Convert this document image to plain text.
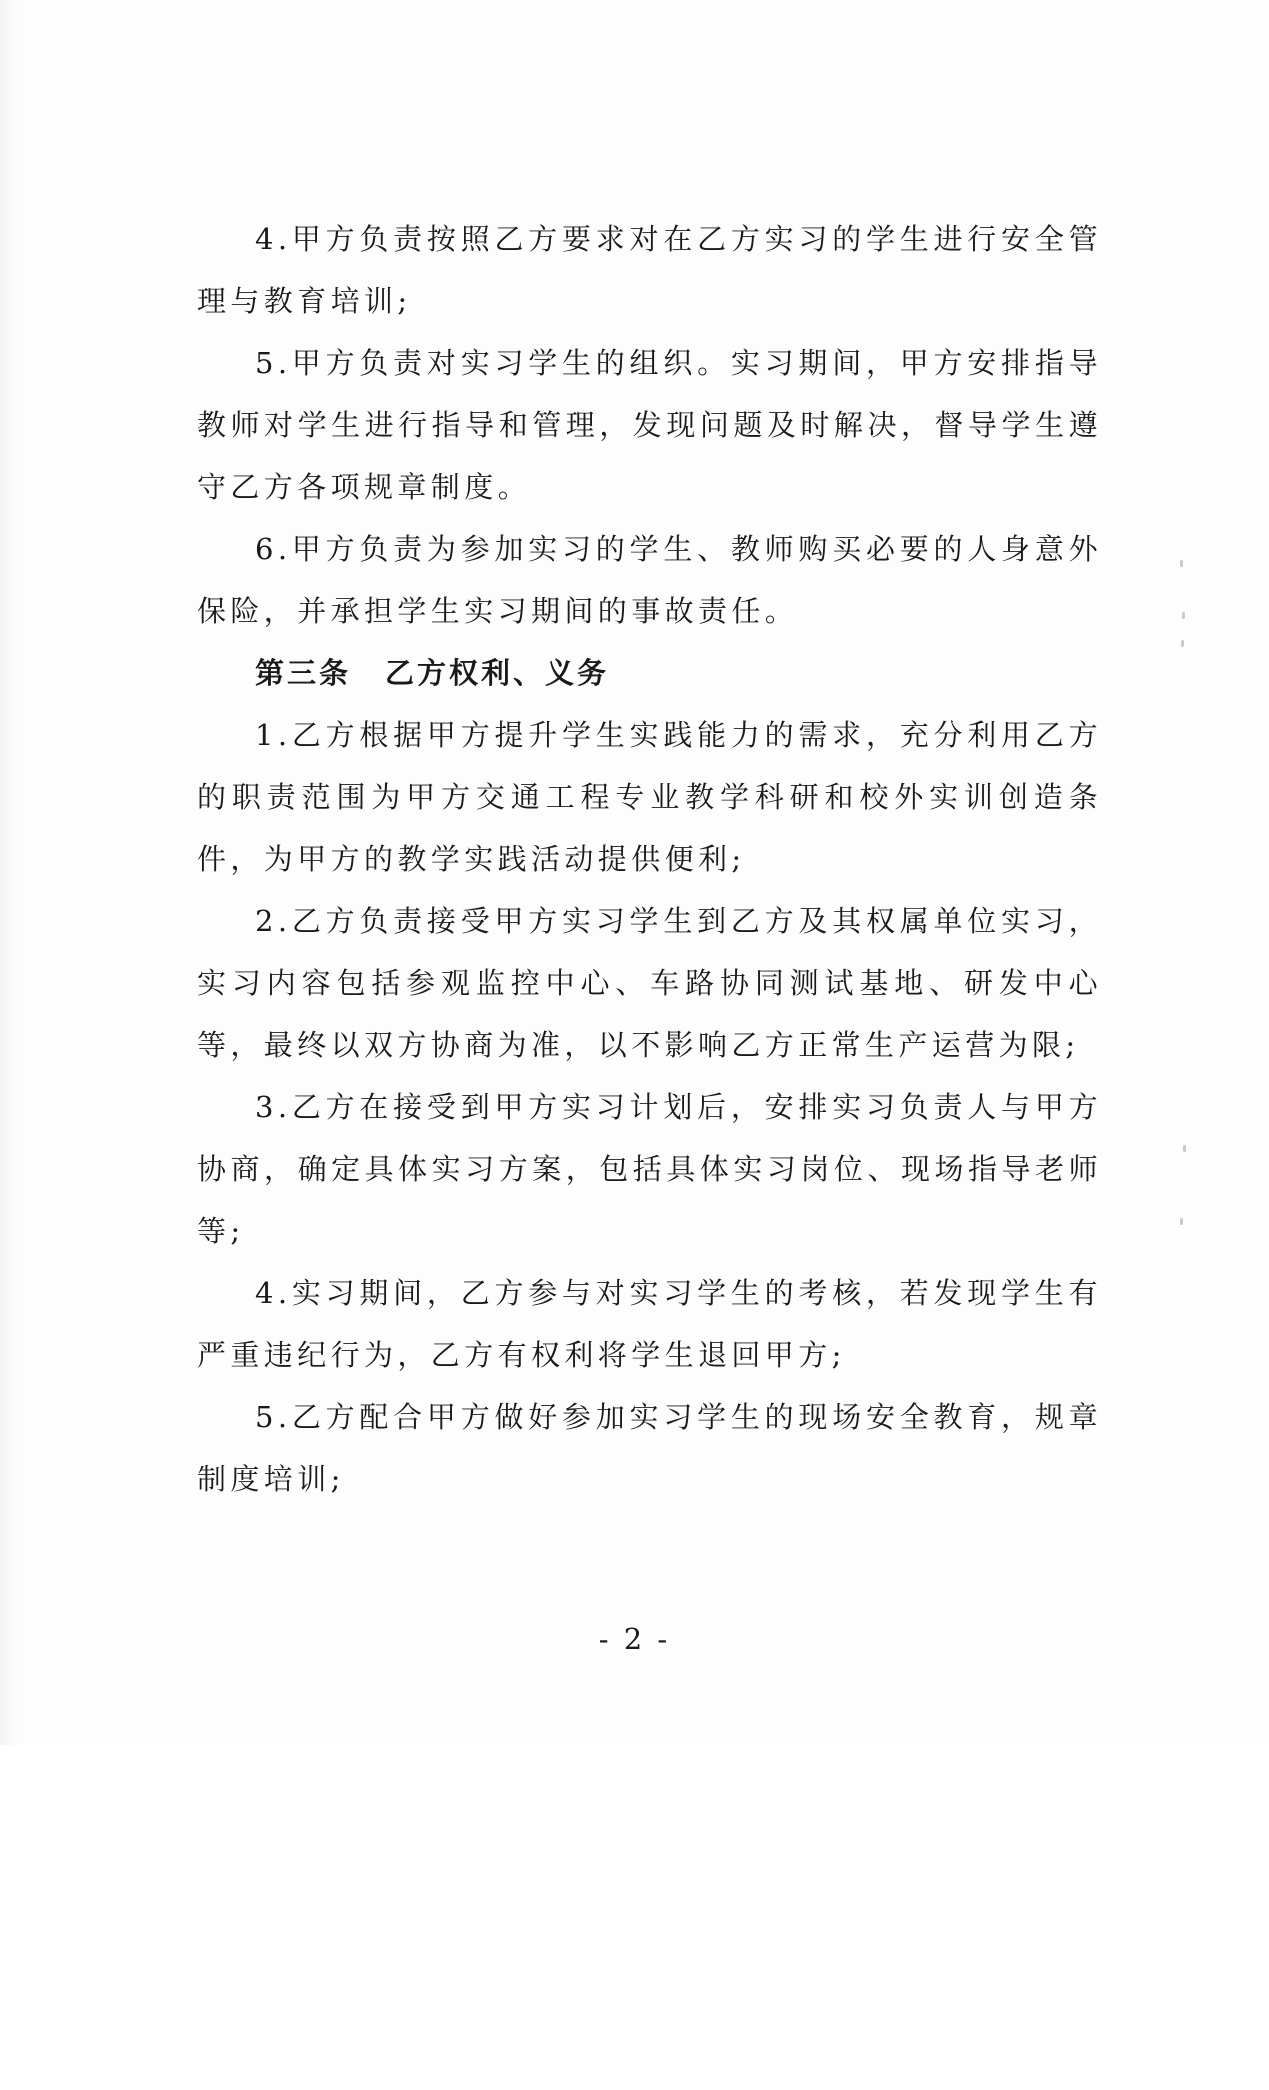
4.甲方负责按照乙方要求对在乙方实习的学生进行安全管理与教育培训;

5.甲方负责对实习学生的组织。实习期间，甲方安排指导教师对学生进行指导和管理，发现问题及时解决，督导学生遵守乙方各项规章制度。

6.甲方负责为参加实习的学生、教师购买必要的人身意外保险，并承担学生实习期间的事故责任。

第三条 乙方权利、义务

1.乙方根据甲方提升学生实践能力的需求，充分利用乙方的职责范围为甲方交通工程专业教学科研和校外实训创造条件，为甲方的教学实践活动提供便利;

2.乙方负责接受甲方实习学生到乙方及其权属单位实习，实习内容包括参观监控中心、车路协同测试基地、研发中心等，最终以双方协商为准，以不影响乙方正常生产运营为限;

3.乙方在接受到甲方实习计划后，安排实习负责人与甲方协商，确定具体实习方案，包括具体实习岗位、现场指导老师等;

4.实习期间，乙方参与对实习学生的考核，若发现学生有严重违纪行为，乙方有权利将学生退回甲方;

5.乙方配合甲方做好参加实习学生的现场安全教育，规章制度培训;

- 2 -
